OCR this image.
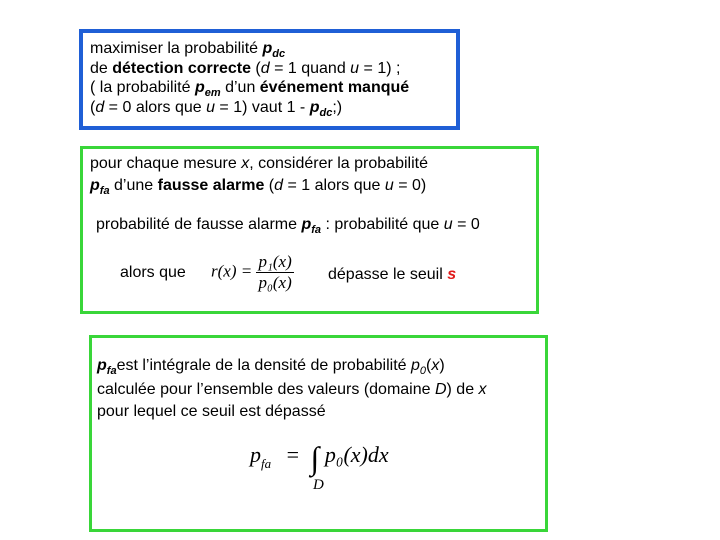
maximiser la probabilité $p_{dc}$
de détection correcte (d = 1 quand u = 1) ;
( la probabilité $p_{em}$ d’un événement manqué
(d = 0 alors que u = 1) vaut $1 - p_{dc}$;)
pour chaque mesure x, considérer la probabilité
$p_{fa}$ d’une fausse alarme (d = 1 alors que u = 0)
probabilité de fausse alarme $p_{fa}$ : probabilité que u = 0
alors que $r(x) = \frac{\text{p₁(x)}}{\text{p₀(x)}}$ dépasse le seuil s
$p_{fa}est$ l’intégrale de la densité de probabilité $p_0(x)$
calculée pour l’ensemble des valeurs (domaine D) de x
pour lequel ce seuil est dépassé
$p_{fa}$ = ∫ p₀(x)dx
D
